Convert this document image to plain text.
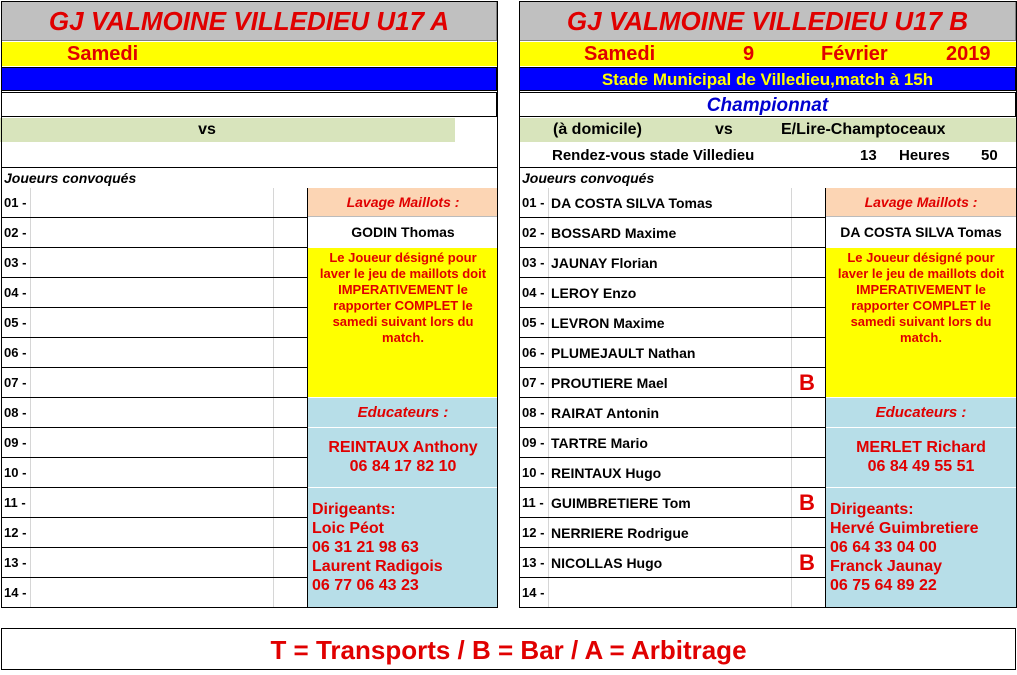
GJ VALMOINE VILLEDIEU U17 A
Samedi
vs
Joueurs convoqués
01 -
02 -
03 -
04 -
05 -
06 -
07 -
08 -
09 -
10 -
11 -
12 -
13 -
14 -
Lavage Maillots :
GODIN Thomas
Le Joueur désigné pour laver le jeu de maillots doit IMPERATIVEMENT le rapporter COMPLET le samedi suivant lors du match.
Educateurs :
REINTAUX Anthony
06 84 17 82 10
Dirigeants:
Loic Péot
06 31 21 98 63
Laurent Radigois
06 77 06 43 23
GJ VALMOINE VILLEDIEU U17 B
Samedi	9	Février	2019
Stade Municipal de Villedieu,match à 15h
Championnat
(à domicile)	vs	E/Lire-Champtoceaux
Rendez-vous stade Villedieu	13 Heures 50
Joueurs convoqués
01 - DA COSTA SILVA Tomas
02 - BOSSARD Maxime
03 - JAUNAY Florian
04 - LEROY Enzo
05 - LEVRON Maxime
06 - PLUMEJAULT Nathan
07 - PROUTIERE Mael	B
08 - RAIRAT Antonin
09 - TARTRE Mario
10 - REINTAUX Hugo
11 - GUIMBRETIERE Tom	B
12 - NERRIERE Rodrigue
13 - NICOLLAS Hugo	B
14 -
Lavage Maillots :
DA COSTA SILVA Tomas
Le Joueur désigné pour laver le jeu de maillots doit IMPERATIVEMENT le rapporter COMPLET le samedi suivant lors du match.
Educateurs :
MERLET Richard
06 84 49 55 51
Dirigeants:
Hervé Guimbretiere
06 64 33 04 00
Franck Jaunay
06 75 64 89 22
T = Transports / B = Bar / A = Arbitrage
